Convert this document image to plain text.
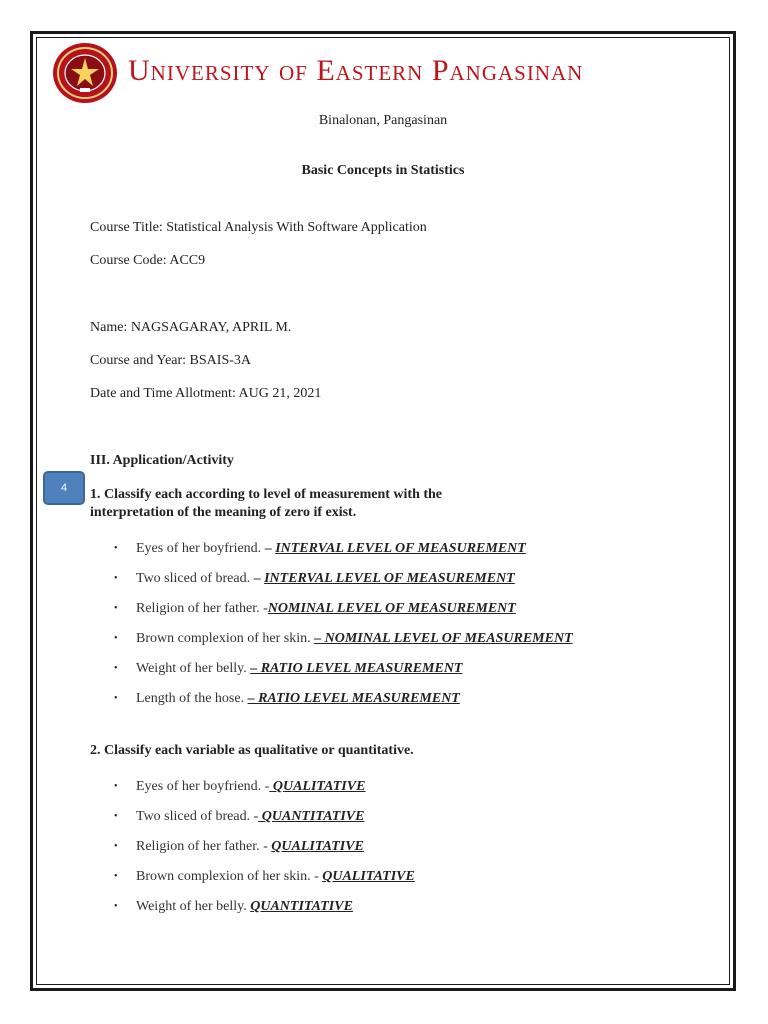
University of Eastern Pangasinan
Binalonan, Pangasinan
Basic Concepts in Statistics
Course Title: Statistical Analysis With Software Application
Course Code: ACC9
Name: NAGSAGARAY, APRIL M.
Course and Year: BSAIS-3A
Date and Time Allotment: AUG 21, 2021
III. Application/Activity
4	1. Classify each according to level of measurement with the
interpretation of the meaning of zero if exist.
• Eyes of her boyfriend. – INTERVAL LEVEL OF MEASUREMENT
• Two sliced of bread. – INTERVAL LEVEL OF MEASUREMENT
• Religion of her father. -NOMINAL LEVEL OF MEASUREMENT
• Brown complexion of her skin. – NOMINAL LEVEL OF MEASUREMENT
• Weight of her belly. – RATIO LEVEL MEASUREMENT
• Length of the hose. – RATIO LEVEL MEASUREMENT
2. Classify each variable as qualitative or quantitative.
• Eyes of her boyfriend. - QUALITATIVE
• Two sliced of bread. - QUANTITATIVE
• Religion of her father. - QUALITATIVE
• Brown complexion of her skin. - QUALITATIVE
• Weight of her belly. QUANTITATIVE
